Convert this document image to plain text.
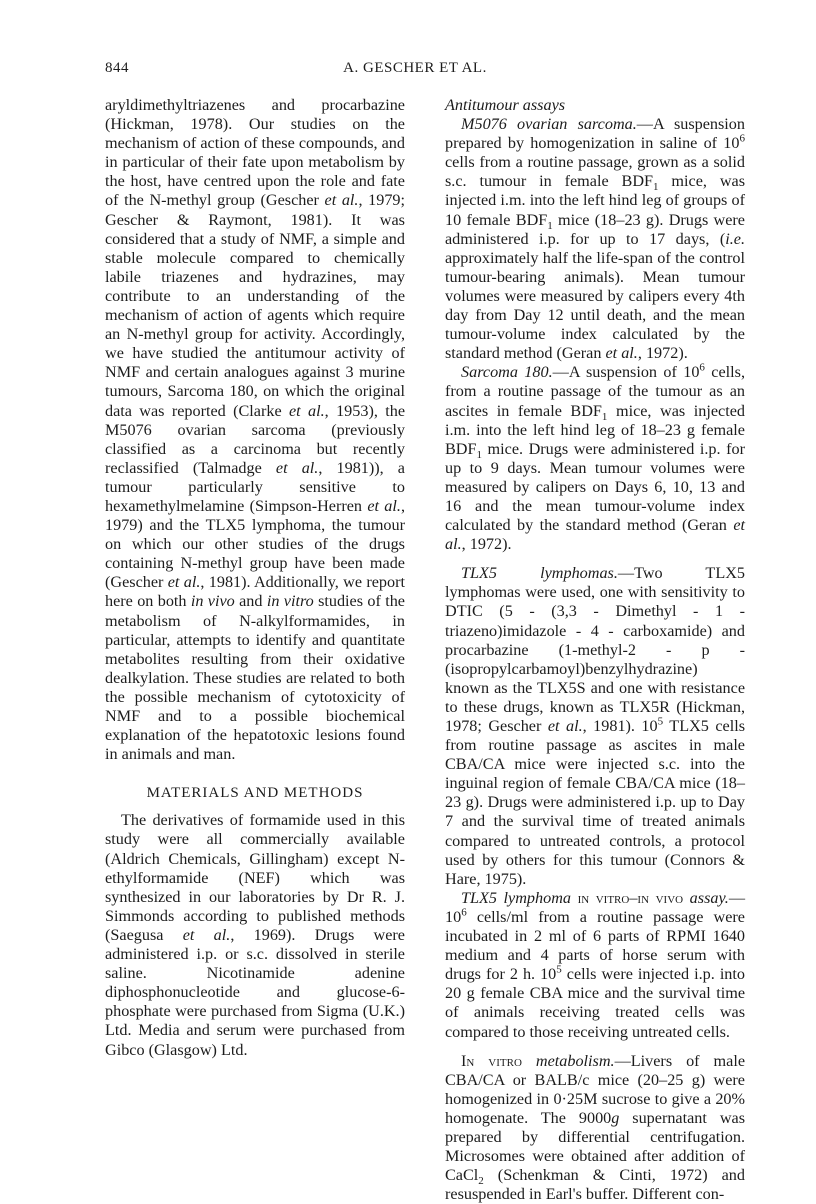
844	A. GESCHER ET AL.

aryldimethyltriazenes and procarbazine (Hickman, 1978). Our studies on the mechanism of action of these compounds, and in particular of their fate upon metabolism by the host, have centred upon the role and fate of the N-methyl group (Gescher et al., 1979; Gescher & Raymont, 1981). It was considered that a study of NMF, a simple and stable molecule compared to chemically labile triazenes and hydrazines, may contribute to an understanding of the mechanism of action of agents which require an N-methyl group for activity. Accordingly, we have studied the antitumour activity of NMF and certain analogues against 3 murine tumours, Sarcoma 180, on which the original data was reported (Clarke et al., 1953), the M5076 ovarian sarcoma (previously classified as a carcinoma but recently reclassified (Talmadge et al., 1981)), a tumour particularly sensitive to hexamethylmelamine (Simpson-Herren et al., 1979) and the TLX5 lymphoma, the tumour on which our other studies of the drugs containing N-methyl group have been made (Gescher et al., 1981). Additionally, we report here on both in vivo and in vitro studies of the metabolism of N-alkylformamides, in particular, attempts to identify and quantitate metabolites resulting from their oxidative dealkylation. These studies are related to both the possible mechanism of cytotoxicity of NMF and to a possible biochemical explanation of the hepatotoxic lesions found in animals and man.

MATERIALS AND METHODS

The derivatives of formamide used in this study were all commercially available (Aldrich Chemicals, Gillingham) except N-ethylformamide (NEF) which was synthesized in our laboratories by Dr R. J. Simmonds according to published methods (Saegusa et al., 1969). Drugs were administered i.p. or s.c. dissolved in sterile saline. Nicotinamide adenine diphosphonucleotide and glucose-6-phosphate were purchased from Sigma (U.K.) Ltd. Media and serum were purchased from Gibco (Glasgow) Ltd.

Antitumour assays

M5076 ovarian sarcoma.—A suspension prepared by homogenization in saline of $10^6$ cells from a routine passage, grown as a solid s.c. tumour in female $BDF_1$ mice, was injected i.m. into the left hind leg of groups of 10 female $BDF_1$ mice (18–23 g). Drugs were administered i.p. for up to 17 days, (i.e. approximately half the life-span of the control tumour-bearing animals). Mean tumour volumes were measured by calipers every 4th day from Day 12 until death, and the mean tumour-volume index calculated by the standard method (Geran et al., 1972).

Sarcoma 180.—A suspension of $10^6$ cells, from a routine passage of the tumour as an ascites in female $BDF_1$ mice, was injected i.m. into the left hind leg of 18–23 g female $BDF_1$ mice. Drugs were administered i.p. for up to 9 days. Mean tumour volumes were measured by calipers on Days 6, 10, 13 and 16 and the mean tumour-volume index calculated by the standard method (Geran et al., 1972).

TLX5 lymphomas.—Two TLX5 lymphomas were used, one with sensitivity to DTIC (5 - (3,3 - Dimethyl - 1 - triazeno)imidazole - 4 - carboxamide) and procarbazine (1-methyl-2 - p - (isopropylcarbamoyl)benzylhydrazine) known as the TLX5S and one with resistance to these drugs, known as TLX5R (Hickman, 1978; Gescher et al., 1981). $10^5$ TLX5 cells from routine passage as ascites in male CBA/CA mice were injected s.c. into the inguinal region of female CBA/CA mice (18–23 g). Drugs were administered i.p. up to Day 7 and the survival time of treated animals compared to untreated controls, a protocol used by others for this tumour (Connors & Hare, 1975).

TLX5 lymphoma in vitro–in vivo $assay.—10^6$ cells/ml from a routine passage were incubated in 2 ml of 6 parts of RPMI 1640 medium and 4 parts of horse serum with drugs for 2 h. $10^5$ cells were injected i.p. into 20 g female CBA mice and the survival time of animals receiving treated cells was compared to those receiving untreated cells.

In vitro metabolism.—Livers of male CBA/CA or BALB/c mice (20–25 g) were homogenized in 0·25M sucrose to give a 20% homogenate. The 9000g supernatant was prepared by differential centrifugation. Microsomes were obtained after addition of CaCl$_2$ (Schenkman & Cinti, 1972) and resuspended in Earl's buffer. Different con-
